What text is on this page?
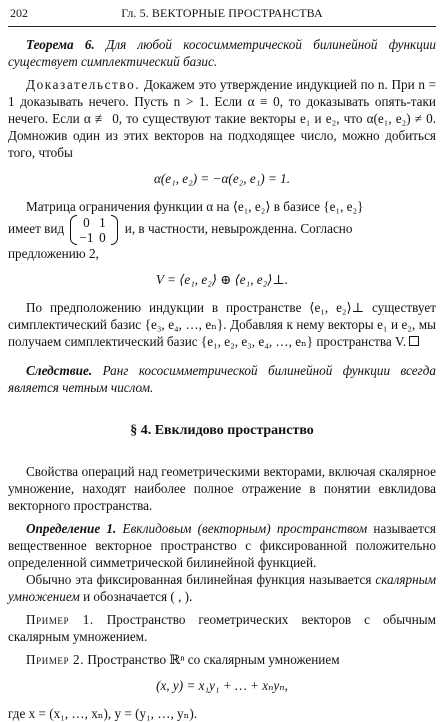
202	Гл. 5. ВЕКТОРНЫЕ ПРОСТРАНСТВА

Теорема 6. Для любой кососимметрической билинейной функции существует симплектический базис.

Доказательство. Докажем это утверждение индукцией по n. При n = 1 доказывать нечего. Пусть n > 1. Если α ≡ 0, то доказывать опять-таки нечего. Если α ≢ 0, то существуют такие векторы e₁ и e₂, что α(e₁, e₂) ≠ 0. Домножив один из этих векторов на подходящее число, можно добиться того, чтобы

α(e₁, e₂) = −α(e₂, e₁) = 1.

Матрица ограничения функции α на ⟨e₁, e₂⟩ в базисе {e₁, e₂}

имеет вид 0 1
−1 0 и, в частности, невырожденна. Согласно

предложению 2,

V = ⟨e₁, e₂⟩ ⊕ ⟨e₁, e₂⟩⊥.

По предположению индукции в пространстве ⟨e₁, e₂⟩⊥ существует симплектический базис {e₃, e₄, …, eₙ}. Добавляя к нему векторы e₁ и e₂, мы получаем симплектический базис {e₁, e₂, e₃, e₄, …, eₙ} пространства V.

Следствие. Ранг кососимметрической билинейной функции всегда является четным числом.

§ 4. Евклидово пространство

Свойства операций над геометрическими векторами, включая скалярное умножение, находят наиболее полное отражение в понятии евклидова векторного пространства.

Определение 1. Евклидовым (векторным) пространством называется вещественное векторное пространство с фиксированной положительно определенной симметрической билинейной функцией.

Обычно эта фиксированная билинейная функция называется скалярным умножением и обозначается ( , ).

Пример 1. Пространство геометрических векторов с обычным скалярным умножением.

Пример 2. Пространство ℝⁿ со скалярным умножением

(x, y) = x₁y₁ + … + xₙyₙ,

где x = (x₁, …, xₙ), y = (y₁, …, yₙ).
